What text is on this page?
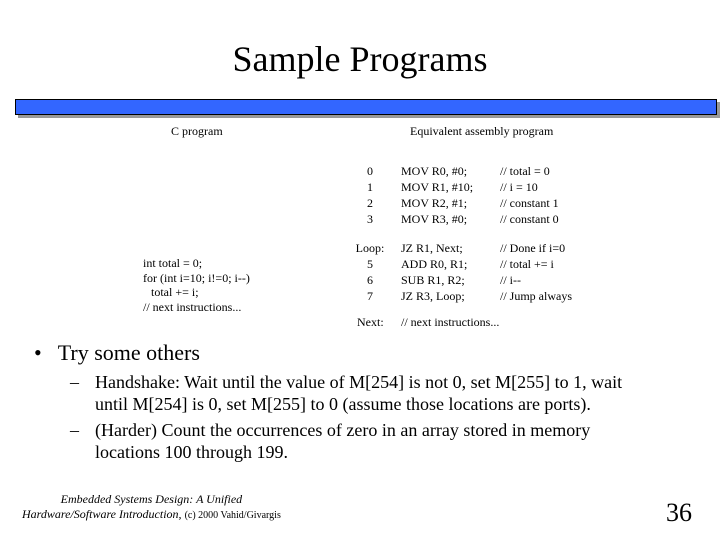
Sample Programs
C program	Equivalent assembly program
int total = 0;
for (int i=10; i!=0; i--)
total += i;
// next instructions...
0
1
2
3
MOV R0, #0;
MOV R1, #10;
MOV R2, #1;
MOV R3, #0;
// total = 0
// i = 10
// constant 1
// constant 0
Loop:
5
6
7
JZ R1, Next;
ADD R0, R1;
SUB R1, R2;
JZ R3, Loop;
// Done if i=0
// total += i
// i--
// Jump always
Next: // next instructions...
• Try some others
– Handshake: Wait until the value of M[254] is not 0, set M[255] to 1, wait
until M[254] is 0, set M[255] to 0 (assume those locations are ports).
– (Harder) Count the occurrences of zero in an array stored in memory
locations 100 through 199.
Embedded Systems Design: A Unified
Hardware/Software Introduction, (c) 2000 Vahid/Givargis	36
